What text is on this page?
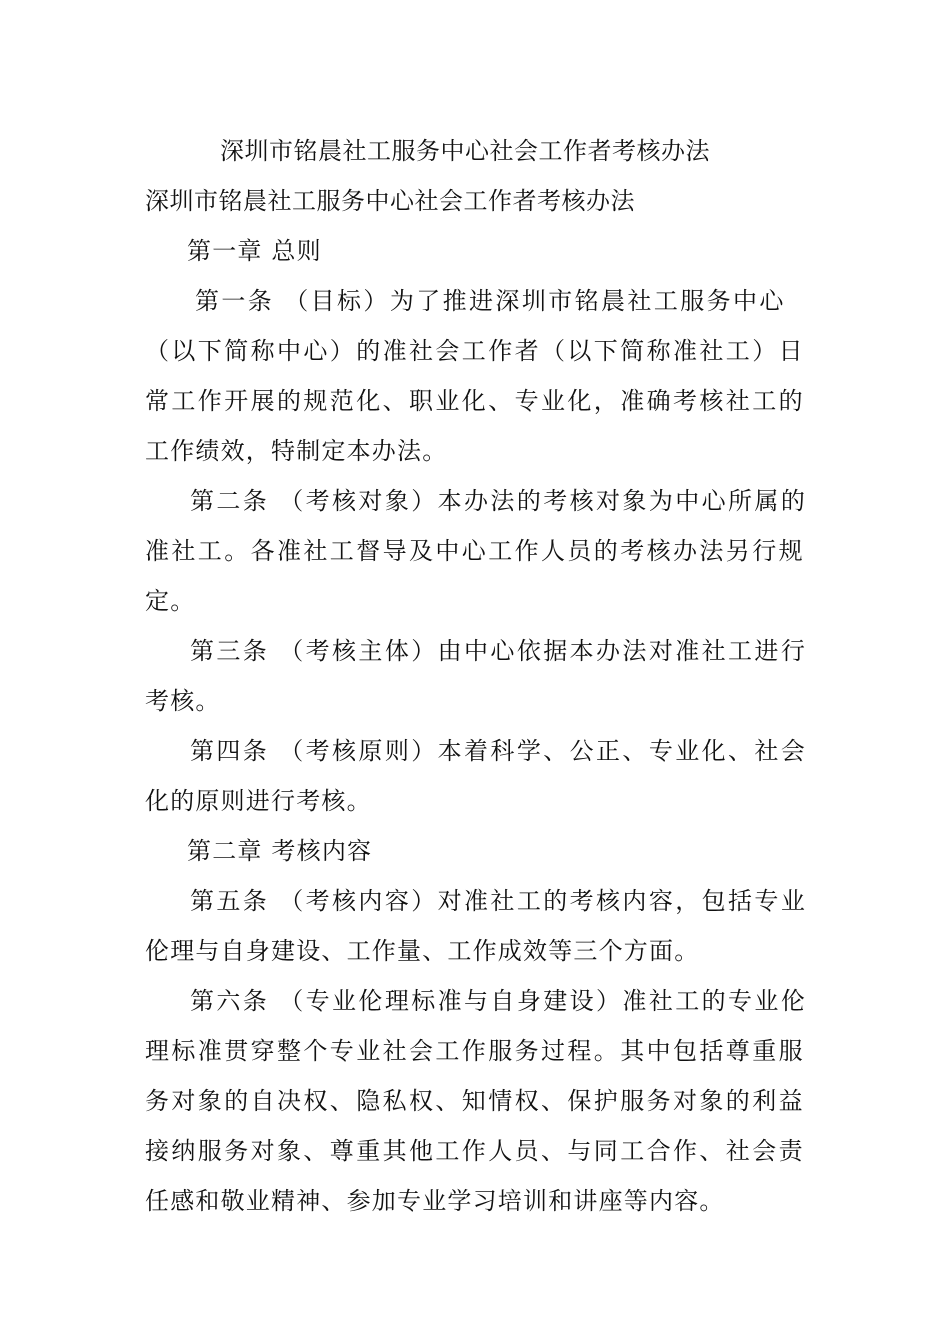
深圳市铭晨社工服务中心社会工作者考核办法
深圳市铭晨社工服务中心社会工作者考核办法
第一章 总则
第一条 （目标）为了推进深圳市铭晨社工服务中心
（以下简称中心）的准社会工作者（以下简称准社工）日
常工作开展的规范化、职业化、专业化，准确考核社工的
工作绩效，特制定本办法。
第二条 （考核对象）本办法的考核对象为中心所属的
准社工。各准社工督导及中心工作人员的考核办法另行规
定。
第三条 （考核主体）由中心依据本办法对准社工进行
考核。
第四条 （考核原则）本着科学、公正、专业化、社会
化的原则进行考核。
第二章 考核内容
第五条 （考核内容）对准社工的考核内容，包括专业
伦理与自身建设、工作量、工作成效等三个方面。
第六条 （专业伦理标准与自身建设）准社工的专业伦
理标准贯穿整个专业社会工作服务过程。其中包括尊重服
务对象的自决权、隐私权、知情权、保护服务对象的利益
接纳服务对象、尊重其他工作人员、与同工合作、社会责
任感和敬业精神、参加专业学习培训和讲座等内容。
